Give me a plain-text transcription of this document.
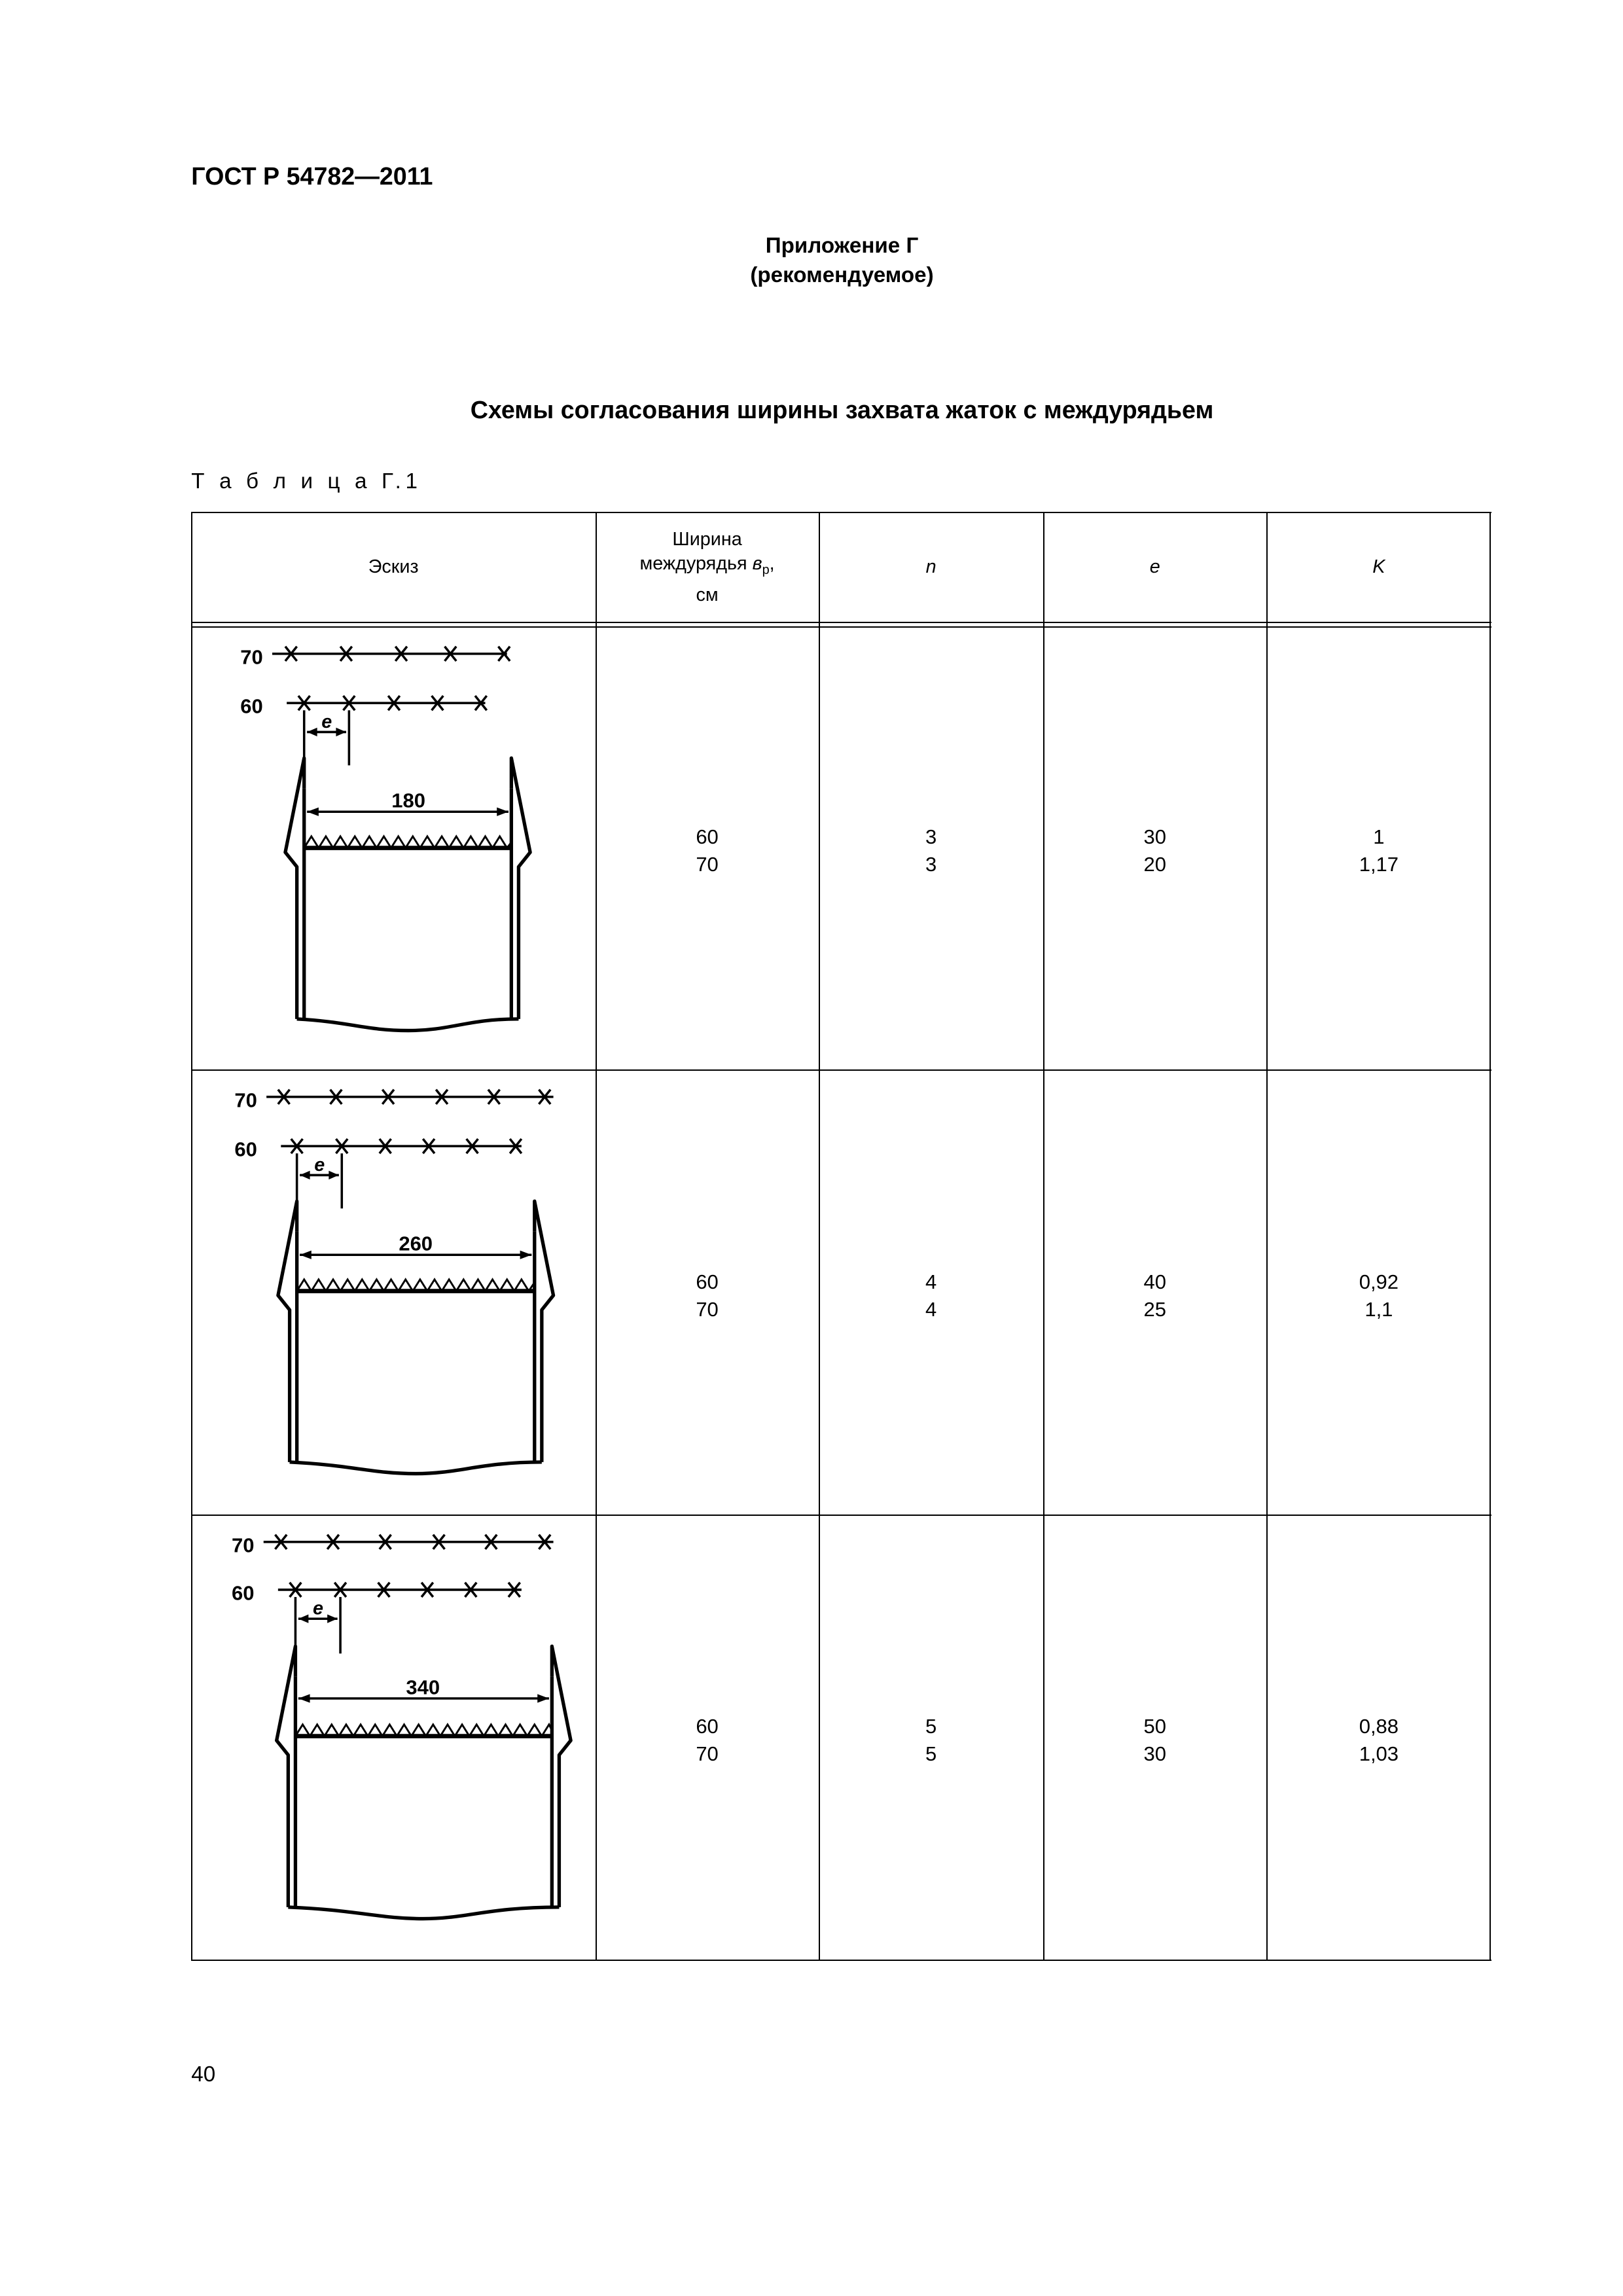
ГОСТ Р 54782—2011
Приложение Г
(рекомендуемое)
Схемы согласования ширины захвата жаток с междурядьем
Т а б л и ц а Г.1
Эскиз
Ширина
междурядья $в_р$,
см
n	e	K
70
60
e
180
60
70
3
3
30
20
1
1,17
70
60
e
260
60
70
4
4
40
25
0,92
1,1
70
60
e
340
60
70
5
5
50
30
0,88
1,03
40
